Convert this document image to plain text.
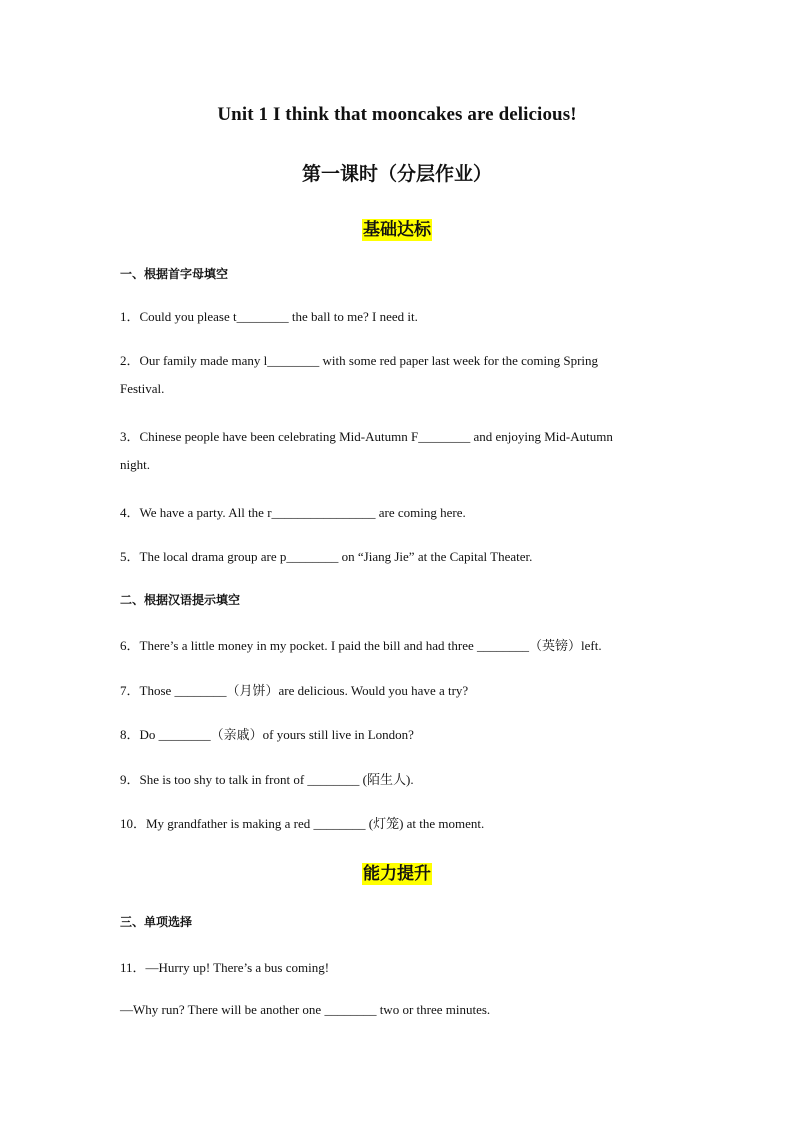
Unit 1 I think that mooncakes are delicious!
第一课时（分层作业）
基础达标
一、根据首字母填空
1．Could you please t________ the ball to me? I need it.
2．Our family made many l________ with some red paper last week for the coming Spring
Festival.
3．Chinese people have been celebrating Mid-Autumn F________ and enjoying Mid-Autumn
night.
4．We have a party. All the r________________ are coming here.
5．The local drama group are p________ on “Jiang Jie” at the Capital Theater.
二、根据汉语提示填空
6．There’s a little money in my pocket. I paid the bill and had three ________（英镑）left.
7．Those ________（月饼）are delicious. Would you have a try?
8．Do ________（亲戚）of yours still live in London?
9．She is too shy to talk in front of ________ (陌生人).
10．My grandfather is making a red ________ (灯笼) at the moment.
能力提升
三、单项选择
11．—Hurry up! There’s a bus coming!
—Why run? There will be another one ________ two or three minutes.
